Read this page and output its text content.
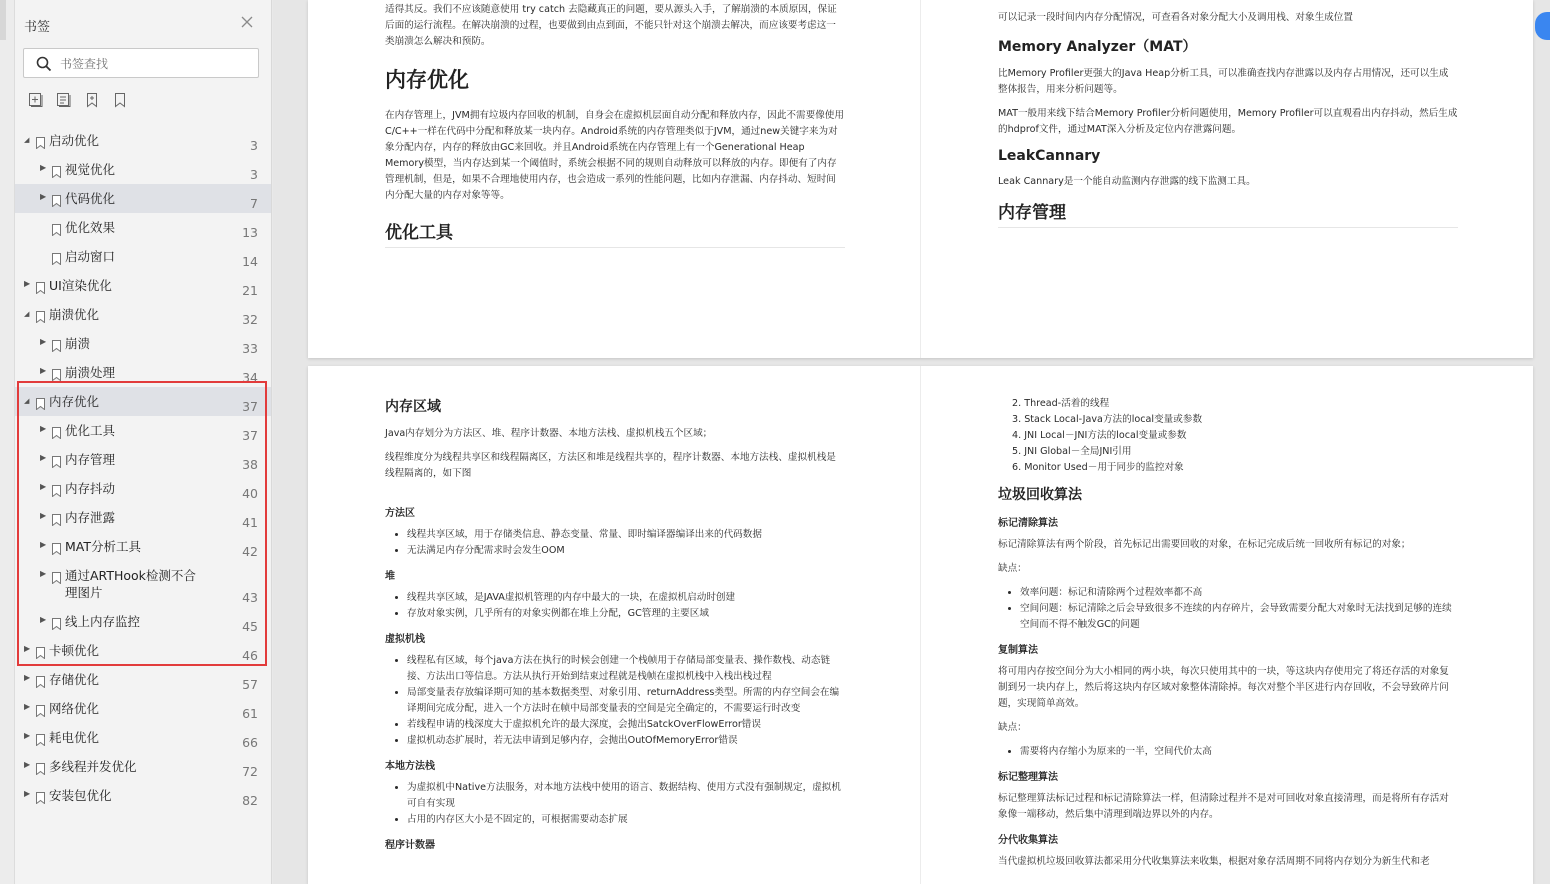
书签
书签查找
◢ 启动优化	3
▶ 视觉优化	3
▶ 代码优化	7
优化效果	13
启动窗口	14
▶ UI渲染优化	21
◢ 崩溃优化	32
▶ 崩溃	33
▶ 崩溃处理	34
◢ 内存优化	37
▶ 优化工具	37
▶ 内存管理	38
▶ 内存抖动	40
▶ 内存泄露	41
▶ MAT分析工具	42
▶ 通过ARTHook检测不合
理图片	43
▶ 线上内存监控	45
▶ 卡顿优化	46
▶ 存储优化	57
▶ 网络优化	61
▶ 耗电优化	66
▶ 多线程并发优化	72
▶ 安装包优化	82

适得其反。我们不应该随意使用 try catch 去隐藏真正的问题，要从源头入手，了解崩溃的本质原因，保证后面的运行流程。在解决崩溃的过程，也要做到由点到面，不能只针对这个崩溃去解决，而应该要考虑这一类崩溃怎么解决和预防。

内存优化

在内存管理上，JVM拥有垃圾内存回收的机制，自身会在虚拟机层面自动分配和释放内存，因此不需要像使用C/C++一样在代码中分配和释放某一块内存。Android系统的内存管理类似于JVM，通过new关键字来为对象分配内存，内存的释放由GC来回收。并且Android系统在内存管理上有一个Generational Heap Memory模型，当内存达到某一个阈值时，系统会根据不同的规则自动释放可以释放的内存。即便有了内存管理机制，但是，如果不合理地使用内存，也会造成一系列的性能问题，比如内存泄漏、内存抖动、短时间内分配大量的内存对象等等。

优化工具

可以记录一段时间内内存分配情况，可查看各对象分配大小及调用栈、对象生成位置

Memory Analyzer（MAT）

比Memory Profiler更强大的Java Heap分析工具，可以准确查找内存泄露以及内存占用情况，还可以生成整体报告，用来分析问题等。

MAT一般用来线下结合Memory Profiler分析问题使用，Memory Profiler可以直观看出内存抖动，然后生成的hdprof文件，通过MAT深入分析及定位内存泄露问题。

LeakCannary

Leak Cannary是一个能自动监测内存泄露的线下监测工具。

内存管理
内存区域

Java内存划分为方法区、堆、程序计数器、本地方法栈、虚拟机栈五个区域；

线程维度分为线程共享区和线程隔离区，方法区和堆是线程共享的，程序计数器、本地方法栈、虚拟机栈是线程隔离的，如下图

方法区
• 线程共享区域，用于存储类信息、静态变量、常量、即时编译器编译出来的代码数据
• 无法满足内存分配需求时会发生OOM
堆
• 线程共享区域，是JAVA虚拟机管理的内存中最大的一块，在虚拟机启动时创建
• 存放对象实例，几乎所有的对象实例都在堆上分配，GC管理的主要区域
虚拟机栈
• 线程私有区域，每个java方法在执行的时候会创建一个栈帧用于存储局部变量表、操作数栈、动态链接、方法出口等信息。方法从执行开始到结束过程就是栈帧在虚拟机栈中入栈出栈过程
• 局部变量表存放编译期可知的基本数据类型、对象引用、returnAddress类型。所需的内存空间会在编译期间完成分配，进入一个方法时在帧中局部变量表的空间是完全确定的，不需要运行时改变
• 若线程申请的栈深度大于虚拟机允许的最大深度，会抛出SatckOverFlowError错误
• 虚拟机动态扩展时，若无法申请到足够内存，会抛出OutOfMemoryError错误
本地方法栈
• 为虚拟机中Native方法服务，对本地方法栈中使用的语言、数据结构、使用方式没有强制规定，虚拟机可自有实现
• 占用的内存区大小是不固定的，可根据需要动态扩展
程序计数器
2. Thread-活着的线程
3. Stack Local-Java方法的local变量或参数
4. JNI Local－JNI方法的local变量或参数
5. JNI Global－全局JNI引用
6. Monitor Used－用于同步的监控对象
垃圾回收算法
标记清除算法

标记清除算法有两个阶段，首先标记出需要回收的对象，在标记完成后统一回收所有标记的对象；

缺点：

• 效率问题：标记和清除两个过程效率都不高
• 空间问题：标记清除之后会导致很多不连续的内存碎片，会导致需要分配大对象时无法找到足够的连续空间而不得不触发GC的问题
复制算法

将可用内存按空间分为大小相同的两小块，每次只使用其中的一块，等这块内存使用完了将还存活的对象复制到另一块内存上，然后将这块内存区域对象整体清除掉。每次对整个半区进行内存回收，不会导致碎片问题，实现简单高效。

缺点：

• 需要将内存缩小为原来的一半，空间代价太高
标记整理算法

标记整理算法标记过程和标记清除算法一样，但清除过程并不是对可回收对象直接清理，而是将所有存活对象像一端移动，然后集中清理到端边界以外的内存。

分代收集算法

当代虚拟机垃圾回收算法都采用分代收集算法来收集，根据对象存活周期不同将内存划分为新生代和老
